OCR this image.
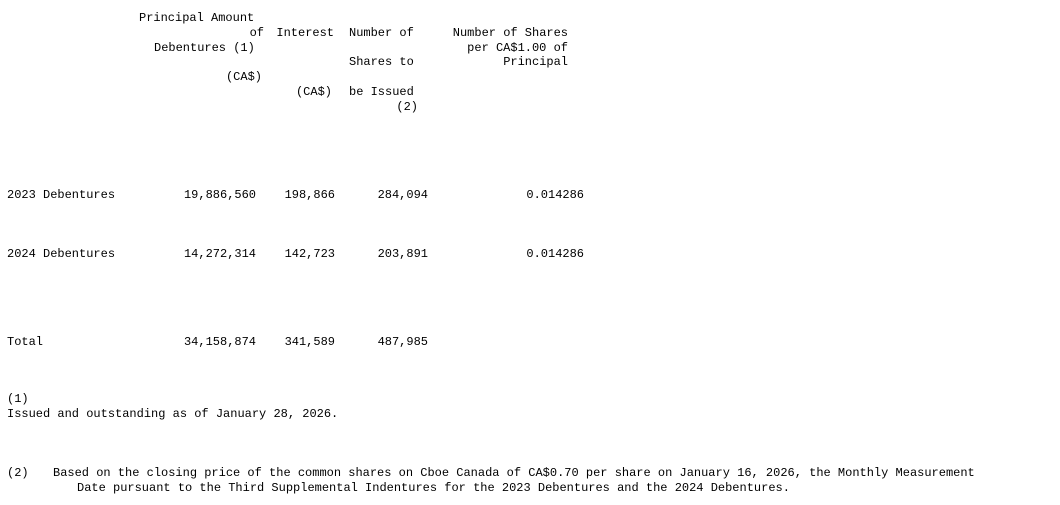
Principal Amount
of
Debentures (1)
(CA$)
Interest
(CA$)
Number of
Shares to
be Issued
(2)
Number of Shares
per CA$1.00 of
Principal
2023 Debentures	19,886,560	198,866	284,094	0.014286
2024 Debentures	14,272,314	142,723	203,891	0.014286
Total	34,158,874	341,589	487,985
(1)
Issued and outstanding as of January 28, 2026.
(2) Based on the closing price of the common shares on Cboe Canada of CA$0.70 per share on January 16, 2026, the Monthly Measurement
Date pursuant to the Third Supplemental Indentures for the 2023 Debentures and the 2024 Debentures.
